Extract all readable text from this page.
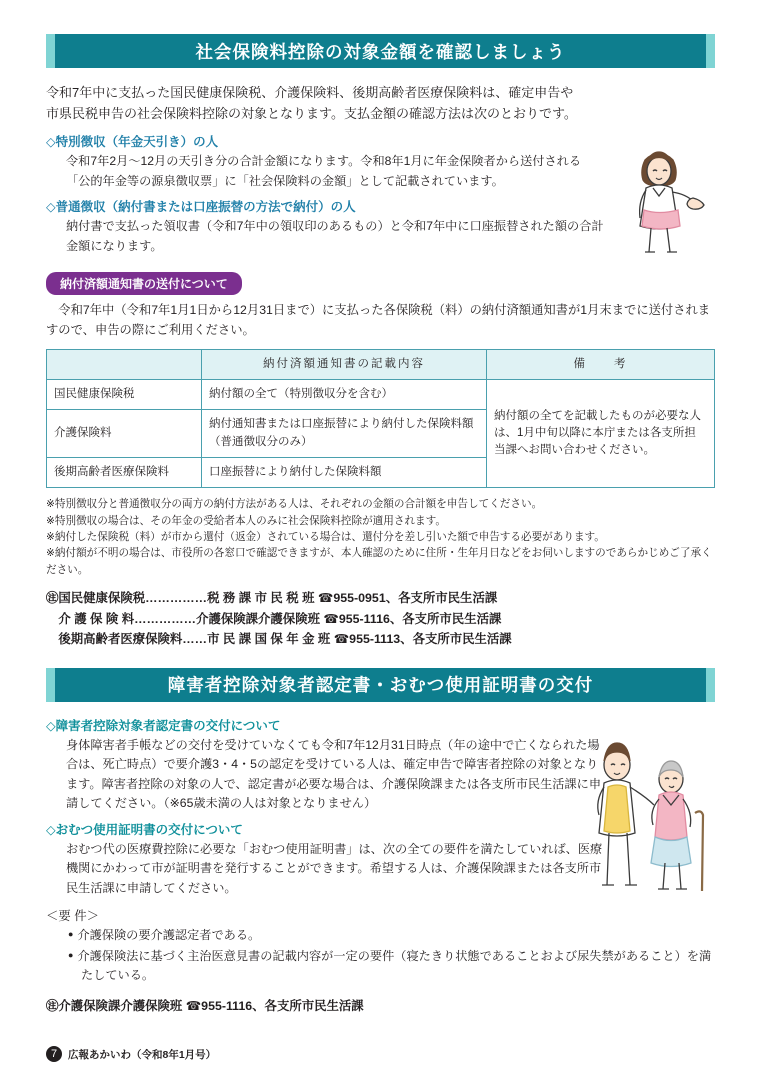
社会保険料控除の対象金額を確認しましょう

令和7年中に支払った国民健康保険税、介護保険料、後期高齢者医療保険料は、確定申告や市県民税申告の社会保険料控除の対象となります。支払金額の確認方法は次のとおりです。

◇特別徴収（年金天引き）の人

令和7年2月〜12月の天引き分の合計金額になります。令和8年1月に年金保険者から送付される「公的年金等の源泉徴収票」に「社会保険料の金額」として記載されています。

◇普通徴収（納付書または口座振替の方法で納付）の人

納付書で支払った領収書（令和7年中の領収印のあるもの）と令和7年中に口座振替された額の合計金額になります。

納付済額通知書の送付について

令和7年中（令和7年1月1日から12月31日まで）に支払った各保険税（料）の納付済額通知書が1月末までに送付されますので、申告の際にご利用ください。

	納付済額通知書の記載内容	備　　考
国民健康保険税	納付額の全て（特別徴収分を含む）	納付額の全てを記載したものが必要な人は、1月中旬以降に本庁または各支所担当課へお問い合わせください。
介護保険料	納付通知書または口座振替により納付した保険料額（普通徴収分のみ）	
後期高齢者医療保険料	口座振替により納付した保険料額	

※特別徴収分と普通徴収分の両方の納付方法がある人は、それぞれの金額の合計額を申告してください。

※特別徴収の場合は、その年金の受給者本人のみに社会保険料控除が適用されます。

※納付した保険税（料）が市から還付（返金）されている場合は、還付分を差し引いた額で申告する必要があります。

※納付額が不明の場合は、市役所の各窓口で確認できますが、本人確認のために住所・生年月日などをお伺いしますのであらかじめご了承ください。

㊟国民健康保険税……………税 務 課 市 民 税 班 ☎955-0951、各支所市民生活課
　介 護 保 険 料……………介護保険課介護保険班 ☎955-1116、各支所市民生活課
　後期高齢者医療保険料……市 民 課 国 保 年 金 班 ☎955-1113、各支所市民生活課
障害者控除対象者認定書・おむつ使用証明書の交付
◇障害者控除対象者認定書の交付について

身体障害者手帳などの交付を受けていなくても令和7年12月31日時点（年の途中で亡くなられた場合は、死亡時点）で要介護3・4・5の認定を受けている人は、確定申告で障害者控除の対象となります。障害者控除の対象の人で、認定書が必要な場合は、介護保険課または各支所市民生活課に申請してください。（※65歳未満の人は対象となりません）

◇おむつ使用証明書の交付について

おむつ代の医療費控除に必要な「おむつ使用証明書」は、次の全ての要件を満たしていれば、医療機関にかわって市が証明書を発行することができます。希望する人は、介護保険課または各支所市民生活課に申請してください。

＜要 件＞
● 介護保険の要介護認定者である。
● 介護保険法に基づく主治医意見書の記載内容が一定の要件（寝たきり状態であることおよび尿失禁があること）を満たしている。
㊟介護保険課介護保険班 ☎955-1116、各支所市民生活課
7	広報あかいわ（令和8年1月号）
